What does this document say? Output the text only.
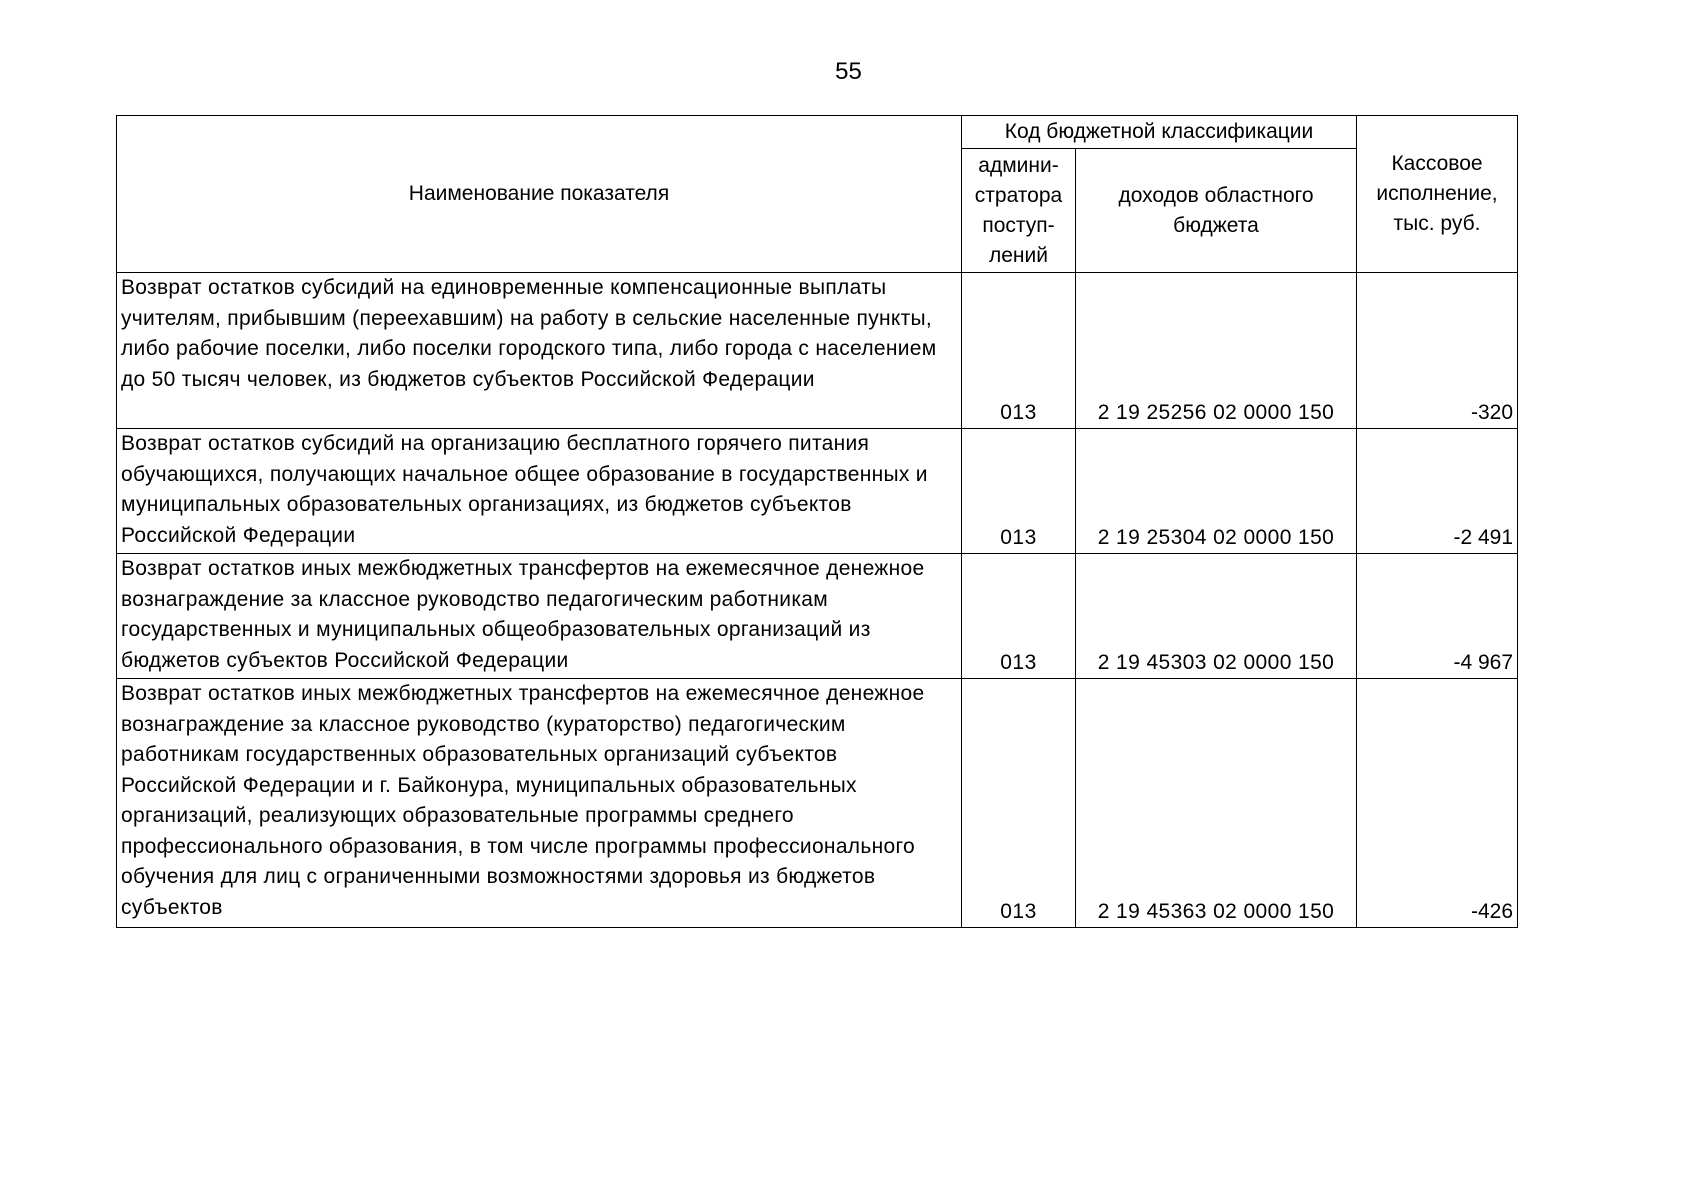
55
Наименование показателя	Код бюджетной классификации		Кассовое исполнение, тыс. руб.
	админи-стратора поступ-лений	доходов областного бюджета	
Возврат остатков субсидий на единовременные компенсационные выплаты учителям, прибывшим (переехавшим) на работу в сельские населенные пункты, либо рабочие поселки, либо поселки городского типа, либо города с населением до 50 тысяч человек, из бюджетов субъектов Российской Федерации	013	2 19 25256 02 0000 150	-320
Возврат остатков субсидий на организацию бесплатного горячего питания обучающихся, получающих начальное общее образование в государственных и муниципальных образовательных организациях, из бюджетов субъектов Российской Федерации	013	2 19 25304 02 0000 150	-2 491
Возврат остатков иных межбюджетных трансфертов на ежемесячное денежное вознаграждение за классное руководство педагогическим работникам государственных и муниципальных общеобразовательных организаций из бюджетов субъектов Российской Федерации	013	2 19 45303 02 0000 150	-4 967
Возврат остатков иных межбюджетных трансфертов на ежемесячное денежное вознаграждение за классное руководство (кураторство) педагогическим работникам государственных образовательных организаций субъектов Российской Федерации и г. Байконура, муниципальных образовательных организаций, реализующих образовательные программы среднего профессионального образования, в том числе программы профессионального обучения для лиц с ограниченными возможностями здоровья из бюджетов субъектов	013	2 19 45363 02 0000 150	-426
